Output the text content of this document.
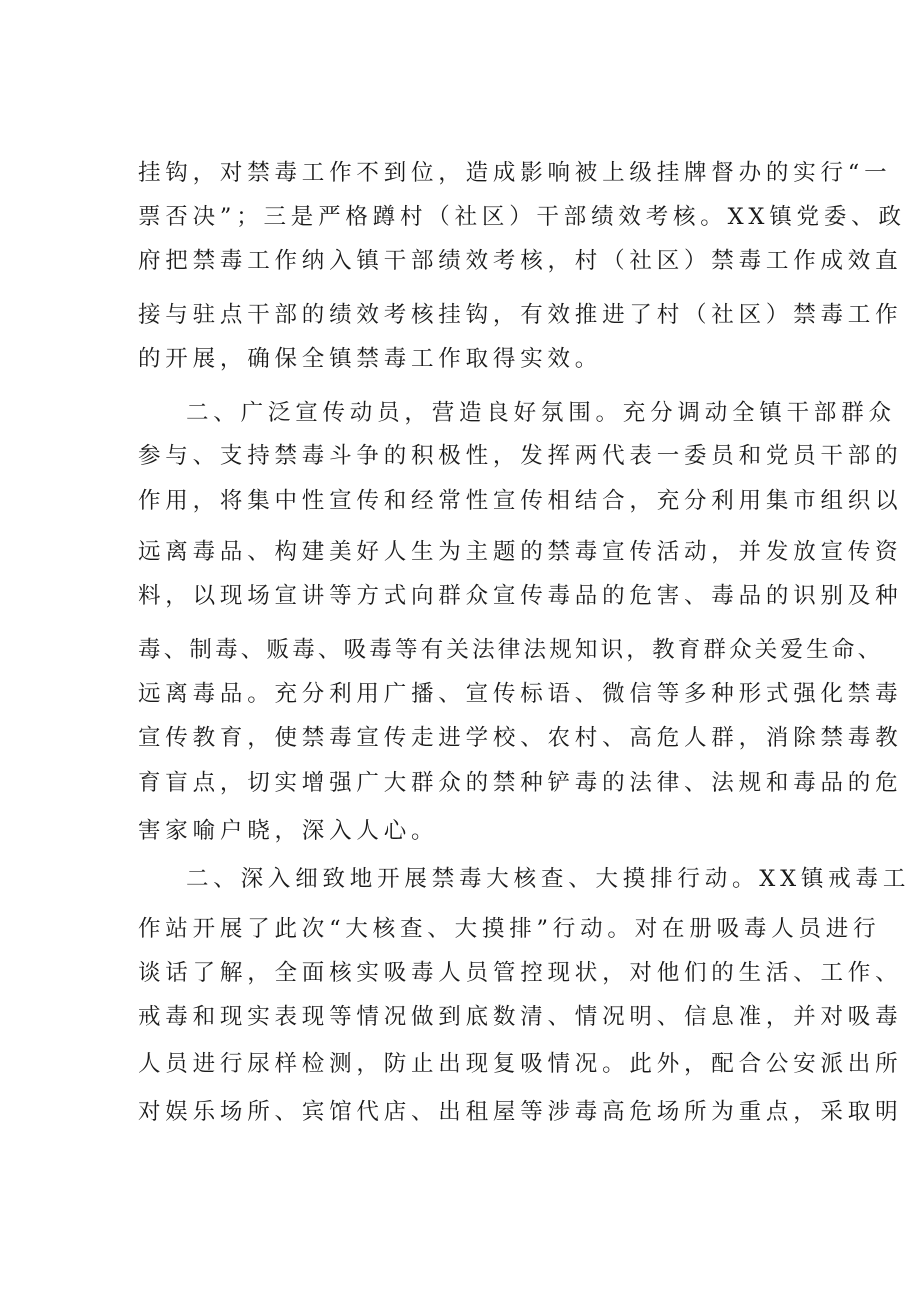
挂钩，对禁毒工作不到位，造成影响被上级挂牌督办的实行“一
票否决”；三是严格蹲村（社区）干部绩效考核。XX镇党委、政
府把禁毒工作纳入镇干部绩效考核，村（社区）禁毒工作成效直
接与驻点干部的绩效考核挂钩，有效推进了村（社区）禁毒工作
的开展，确保全镇禁毒工作取得实效。
二、广泛宣传动员，营造良好氛围。充分调动全镇干部群众
参与、支持禁毒斗争的积极性，发挥两代表一委员和党员干部的
作用，将集中性宣传和经常性宣传相结合，充分利用集市组织以
远离毒品、构建美好人生为主题的禁毒宣传活动，并发放宣传资
料，以现场宣讲等方式向群众宣传毒品的危害、毒品的识别及种
毒、制毒、贩毒、吸毒等有关法律法规知识，教育群众关爱生命、
远离毒品。充分利用广播、宣传标语、微信等多种形式强化禁毒
宣传教育，使禁毒宣传走进学校、农村、高危人群，消除禁毒教
育盲点，切实增强广大群众的禁种铲毒的法律、法规和毒品的危
害家喻户晓，深入人心。
二、深入细致地开展禁毒大核查、大摸排行动。XX镇戒毒工
作站开展了此次“大核查、大摸排”行动。对在册吸毒人员进行
谈话了解，全面核实吸毒人员管控现状，对他们的生活、工作、
戒毒和现实表现等情况做到底数清、情况明、信息准，并对吸毒
人员进行尿样检测，防止出现复吸情况。此外，配合公安派出所
对娱乐场所、宾馆代店、出租屋等涉毒高危场所为重点，采取明
